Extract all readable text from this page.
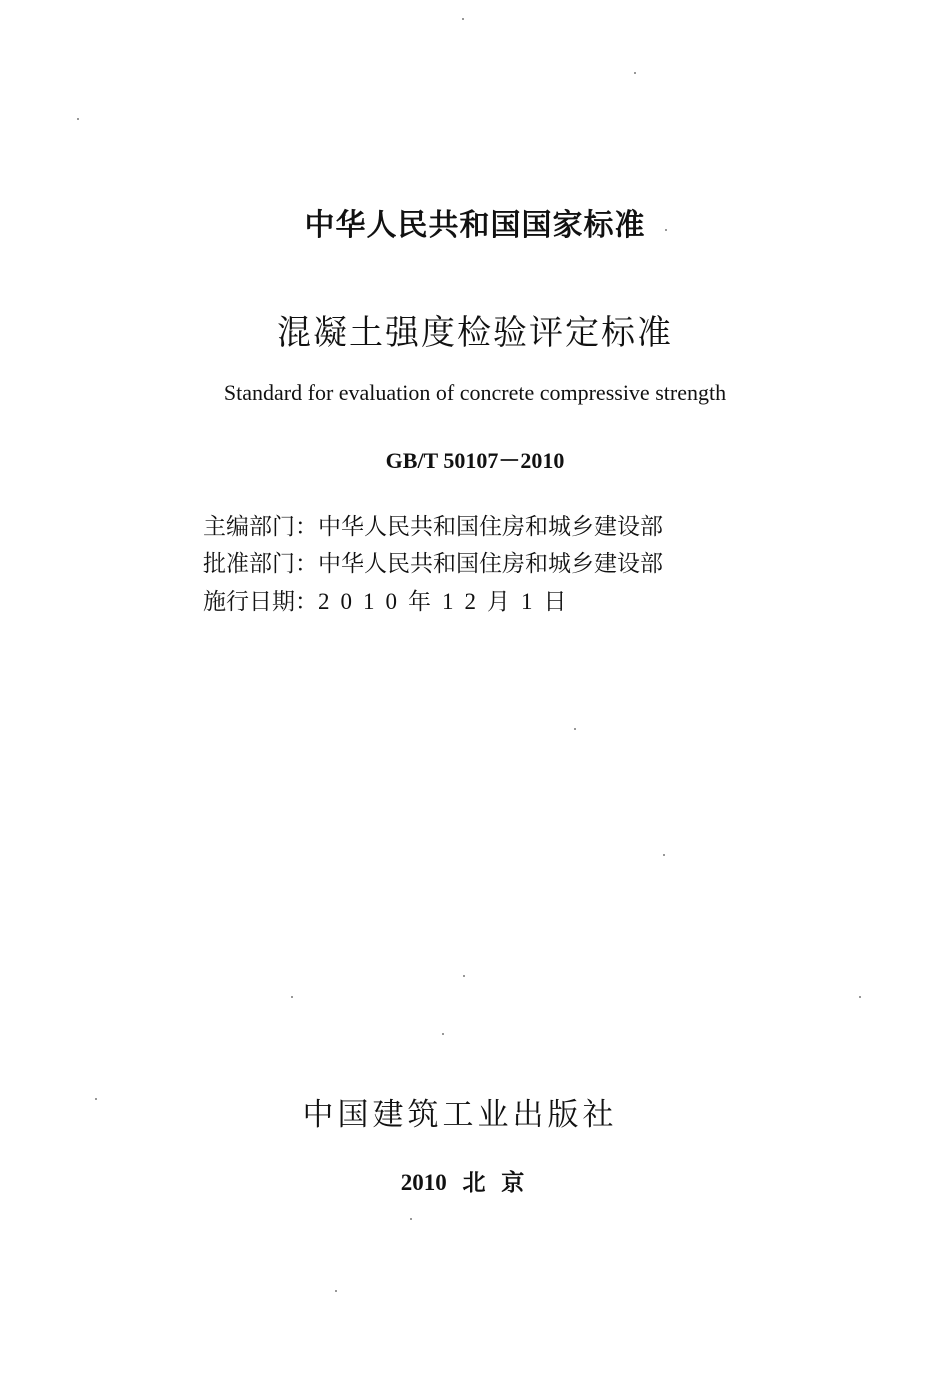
中华人民共和国国家标准
混凝土强度检验评定标准
Standard for evaluation of concrete compressive strength
GB/T 50107－2010
主编部门：中华人民共和国住房和城乡建设部
批准部门：中华人民共和国住房和城乡建设部
施行日期：2010年12月1日
中国建筑工业出版社
2010 北 京
